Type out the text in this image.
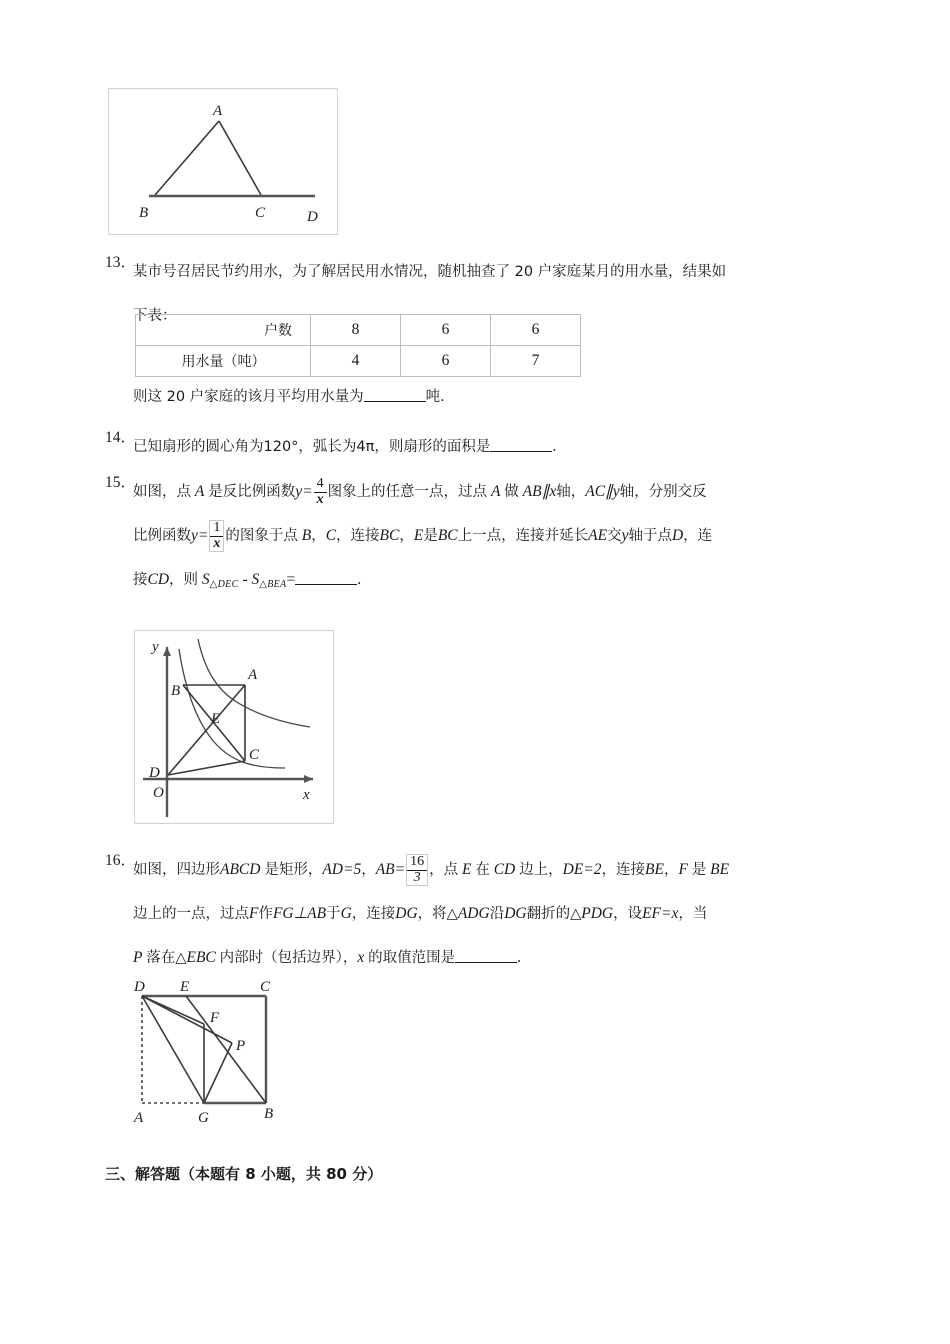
A
B	C	D
13．
某市号召居民节约用水，为了解居民用水情况，随机抽查了 20 户家庭某月的用水量，结果如
下表：
户数	8	6	6
用水量（吨）	4	6	7
则这 20 户家庭的该月平均用水量为	吨.
14．
已知扇形的圆心角为120°，弧长为4π，则扇形的面积是	.
15．
如图，点 A 是反比例函数$y= \frac{4}{x}$ 图象上的任意一点，过点 A 做 AB∥x轴，AC∥y轴，分别交反
比例函数$y= \frac{1}{x}$ 的图象于点 B，C，连接BC，E是BC上一点，连接并延长AE交y轴于点D，连
接CD，则 $S_{\triangle DEC} - S_{\triangle BEA}=$	.
y
x
O
B
A
C
D
E
16．
如图，四边形ABCD 是矩形，AD=5，$AB= \frac{16}{3}$ ，点 E 在 CD 边上，DE=2，连接BE，F 是 BE
边上的一点，过点F作FG⊥AB于G，连接DG，将△ADG沿DG翻折的△PDG，设EF=x，当
P 落在△EBC 内部时（包括边界），x 的取值范围是	.
D E	C
F
P
A	G	B
三、解答题（本题有 8 小题，共 80 分）
